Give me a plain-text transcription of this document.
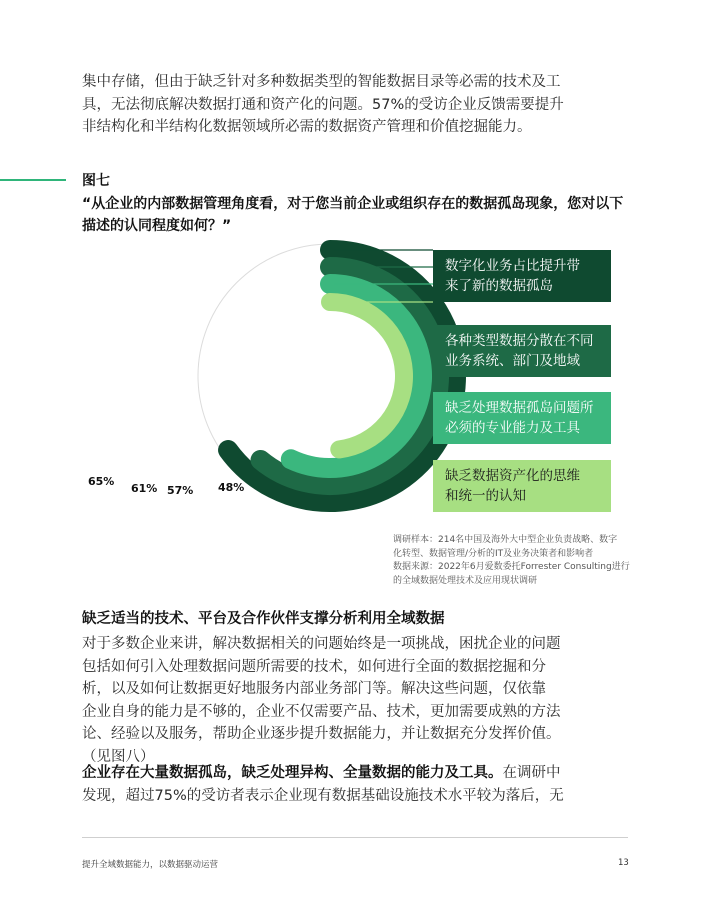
集中存储，但由于缺乏针对多种数据类型的智能数据目录等必需的技术及工
具，无法彻底解决数据打通和资产化的问题。57%的受访企业反馈需要提升
非结构化和半结构化数据领域所必需的数据资产管理和价值挖掘能力。
图七
“从企业的内部数据管理角度看，对于您当前企业或组织存在的数据孤岛现象，您对以下
描述的认同程度如何？”
数字化业务占比提升带
来了新的数据孤岛
各种类型数据分散在不同
业务系统、部门及地域
缺乏处理数据孤岛问题所
必须的专业能力及工具
缺乏数据资产化的思维
和统一的认知
65%
61% 57% 48%
调研样本：214名中国及海外大中型企业负责战略、数字
化转型、数据管理/分析的IT及业务决策者和影响者
数据来源：2022年6月爱数委托Forrester Consulting进行
的全域数据处理技术及应用现状调研
缺乏适当的技术、平台及合作伙伴支撑分析利用全域数据
对于多数企业来讲，解决数据相关的问题始终是一项挑战，困扰企业的问题
包括如何引入处理数据问题所需要的技术，如何进行全面的数据挖掘和分
析，以及如何让数据更好地服务内部业务部门等。解决这些问题，仅依靠
企业自身的能力是不够的，企业不仅需要产品、技术，更加需要成熟的方法
论、经验以及服务，帮助企业逐步提升数据能力，并让数据充分发挥价值。
（见图八）
企业存在大量数据孤岛，缺乏处理异构、全量数据的能力及工具。在调研中
发现，超过75%的受访者表示企业现有数据基础设施技术水平较为落后，无
提升全域数据能力，以数据驱动运营	13
